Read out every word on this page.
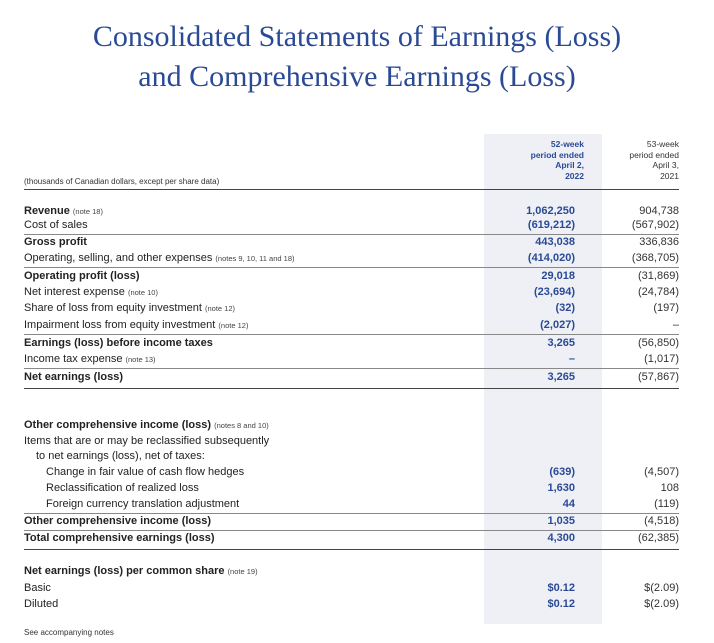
Consolidated Statements of Earnings (Loss)
and Comprehensive Earnings (Loss)
52-week
period ended
April 2,
2022
53-week
period ended
April 3,
2021
(thousands of Canadian dollars, except per share data)
Revenue (note 18)	1,062,250	904,738
Cost of sales	(619,212)	(567,902)
Gross profit	443,038	336,836
Operating, selling, and other expenses (notes 9, 10, 11 and 18)	(414,020)	(368,705)
Operating profit (loss)	29,018	(31,869)
Net interest expense (note 10)	(23,694)	(24,784)
Share of loss from equity investment (note 12)	(32)	(197)
Impairment loss from equity investment (note 12)	(2,027)	–
Earnings (loss) before income taxes	3,265	(56,850)
Income tax expense (note 13)	–	(1,017)
Net earnings (loss)	3,265	(57,867)
Other comprehensive income (loss) (notes 8 and 10)
Items that are or may be reclassified subsequently
to net earnings (loss), net of taxes:
Change in fair value of cash flow hedges	(639)	(4,507)
Reclassification of realized loss	1,630	108
Foreign currency translation adjustment	44	(119)
Other comprehensive income (loss)	1,035	(4,518)
Total comprehensive earnings (loss)	4,300	(62,385)
Net earnings (loss) per common share (note 19)
Basic	$0.12	$(2.09)
Diluted	$0.12	$(2.09)
See accompanying notes
